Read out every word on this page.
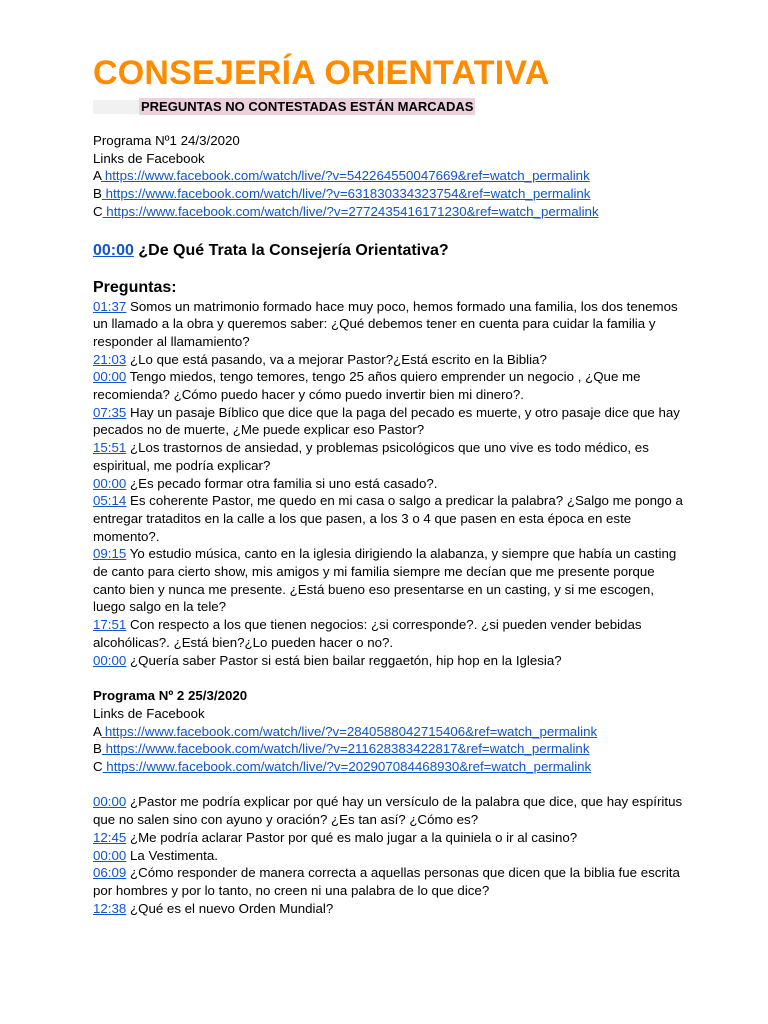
CONSEJERÍA ORIENTATIVA
PREGUNTAS NO CONTESTADAS ESTÁN MARCADAS
Programa Nº1 24/3/2020
Links de Facebook
A https://www.facebook.com/watch/live/?v=542264550047669&ref=watch_permalink
B https://www.facebook.com/watch/live/?v=631830334323754&ref=watch_permalink
C https://www.facebook.com/watch/live/?v=2772435416171230&ref=watch_permalink
00:00 ¿De Qué Trata la Consejería Orientativa?
Preguntas:
01:37 Somos un matrimonio formado hace muy poco, hemos formado una familia, los dos tenemos un llamado a la obra y queremos saber: ¿Qué debemos tener en cuenta para cuidar la familia y responder al llamamiento?
21:03 ¿Lo que está pasando, va a mejorar Pastor?¿Está escrito en la Biblia?
00:00 Tengo miedos, tengo temores, tengo 25 años quiero emprender un negocio , ¿Que me recomienda? ¿Cómo puedo hacer y cómo puedo invertir bien mi dinero?.
07:35 Hay un pasaje Bíblico que dice que la paga del pecado es muerte, y otro pasaje dice que hay pecados no de muerte, ¿Me puede explicar eso Pastor?
15:51 ¿Los trastornos de ansiedad, y problemas psicológicos que uno vive es todo médico, es espiritual, me podría explicar?
00:00 ¿Es pecado formar otra familia si uno está casado?.
05:14 Es coherente Pastor, me quedo en mi casa o salgo a predicar la palabra? ¿Salgo me pongo a entregar trataditos en la calle a los que pasen, a los 3 o 4 que pasen en esta época en este momento?.
09:15 Yo estudio música, canto en la iglesia dirigiendo la alabanza, y siempre que había un casting de canto para cierto show, mis amigos y mi familia siempre me decían que me presente porque canto bien y nunca me presente. ¿Está bueno eso presentarse en un casting, y si me escogen, luego salgo en la tele?
17:51 Con respecto a los que tienen negocios: ¿si corresponde?. ¿si pueden vender bebidas alcohólicas?. ¿Está bien?¿Lo pueden hacer o no?.
00:00 ¿Quería saber Pastor si está bien bailar reggaetón, hip hop en la Iglesia?
Programa Nº 2 25/3/2020
Links de Facebook
A https://www.facebook.com/watch/live/?v=2840588042715406&ref=watch_permalink
B https://www.facebook.com/watch/live/?v=211628383422817&ref=watch_permalink
C https://www.facebook.com/watch/live/?v=202907084468930&ref=watch_permalink
00:00 ¿Pastor me podría explicar por qué hay un versículo de la palabra que dice, que hay espíritus que no salen sino con ayuno y oración? ¿Es tan así? ¿Cómo es?
12:45 ¿Me podría aclarar Pastor por qué es malo jugar a la quiniela o ir al casino?
00:00 La Vestimenta.
06:09 ¿Cómo responder de manera correcta a aquellas personas que dicen que la biblia fue escrita por hombres y por lo tanto, no creen ni una palabra de lo que dice?
12:38 ¿Qué es el nuevo Orden Mundial?
